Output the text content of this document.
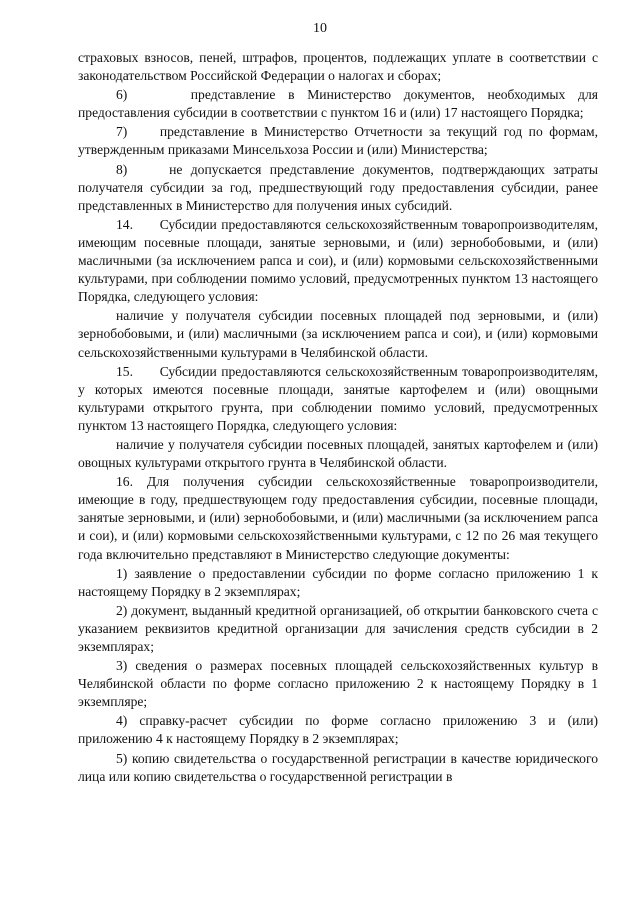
10

страховых взносов, пеней, штрафов, процентов, подлежащих уплате в соответствии с законодательством Российской Федерации о налогах и сборах;

6)     представление в Министерство документов, необходимых для предоставления субсидии в соответствии с пунктом 16 и (или) 17 настоящего Порядка;

7)     представление в Министерство Отчетности за текущий год по формам, утвержденным приказами Минсельхоза России и (или) Министерства;

8)     не допускается представление документов, подтверждающих затраты получателя субсидии за год, предшествующий году предоставления субсидии, ранее представленных в Министерство для получения иных субсидий.

14.      Субсидии предоставляются сельскохозяйственным товаропроизводителям, имеющим посевные площади, занятые зерновыми, и (или) зернобобовыми, и (или) масличными (за исключением рапса и сои), и (или) кормовыми сельскохозяйственными культурами, при соблюдении помимо условий, предусмотренных пунктом 13 настоящего Порядка, следующего условия:

наличие у получателя субсидии посевных площадей под зерновыми, и (или) зернобобовыми, и (или) масличными (за исключением рапса и сои), и (или) кормовыми сельскохозяйственными культурами в Челябинской области.

15.      Субсидии предоставляются сельскохозяйственным товаропроизводителям, у которых имеются посевные площади, занятые картофелем и (или) овощными культурами открытого грунта, при соблюдении помимо условий, предусмотренных пунктом 13 настоящего Порядка, следующего условия:

наличие у получателя субсидии посевных площадей, занятых картофелем и (или) овощных культурами открытого грунта в Челябинской области.

16. Для получения субсидии сельскохозяйственные товаропроизводители, имеющие в году, предшествующем году предоставления субсидии, посевные площади, занятые зерновыми, и (или) зернобобовыми, и (или) масличными (за исключением рапса и сои), и (или) кормовыми сельскохозяйственными культурами, с 12 по 26 мая текущего года включительно представляют в Министерство следующие документы:

1) заявление о предоставлении субсидии по форме согласно приложению 1 к настоящему Порядку в 2 экземплярах;

2) документ, выданный кредитной организацией, об открытии банковского счета с указанием реквизитов кредитной организации для зачисления средств субсидии в 2 экземплярах;

3) сведения о размерах посевных площадей сельскохозяйственных культур в Челябинской области по форме согласно приложению 2 к настоящему Порядку в 1 экземпляре;

4) справку-расчет субсидии по форме согласно приложению 3 и (или) приложению 4 к настоящему Порядку в 2 экземплярах;

5) копию свидетельства о государственной регистрации в качестве юридического лица или копию свидетельства о государственной регистрации в
